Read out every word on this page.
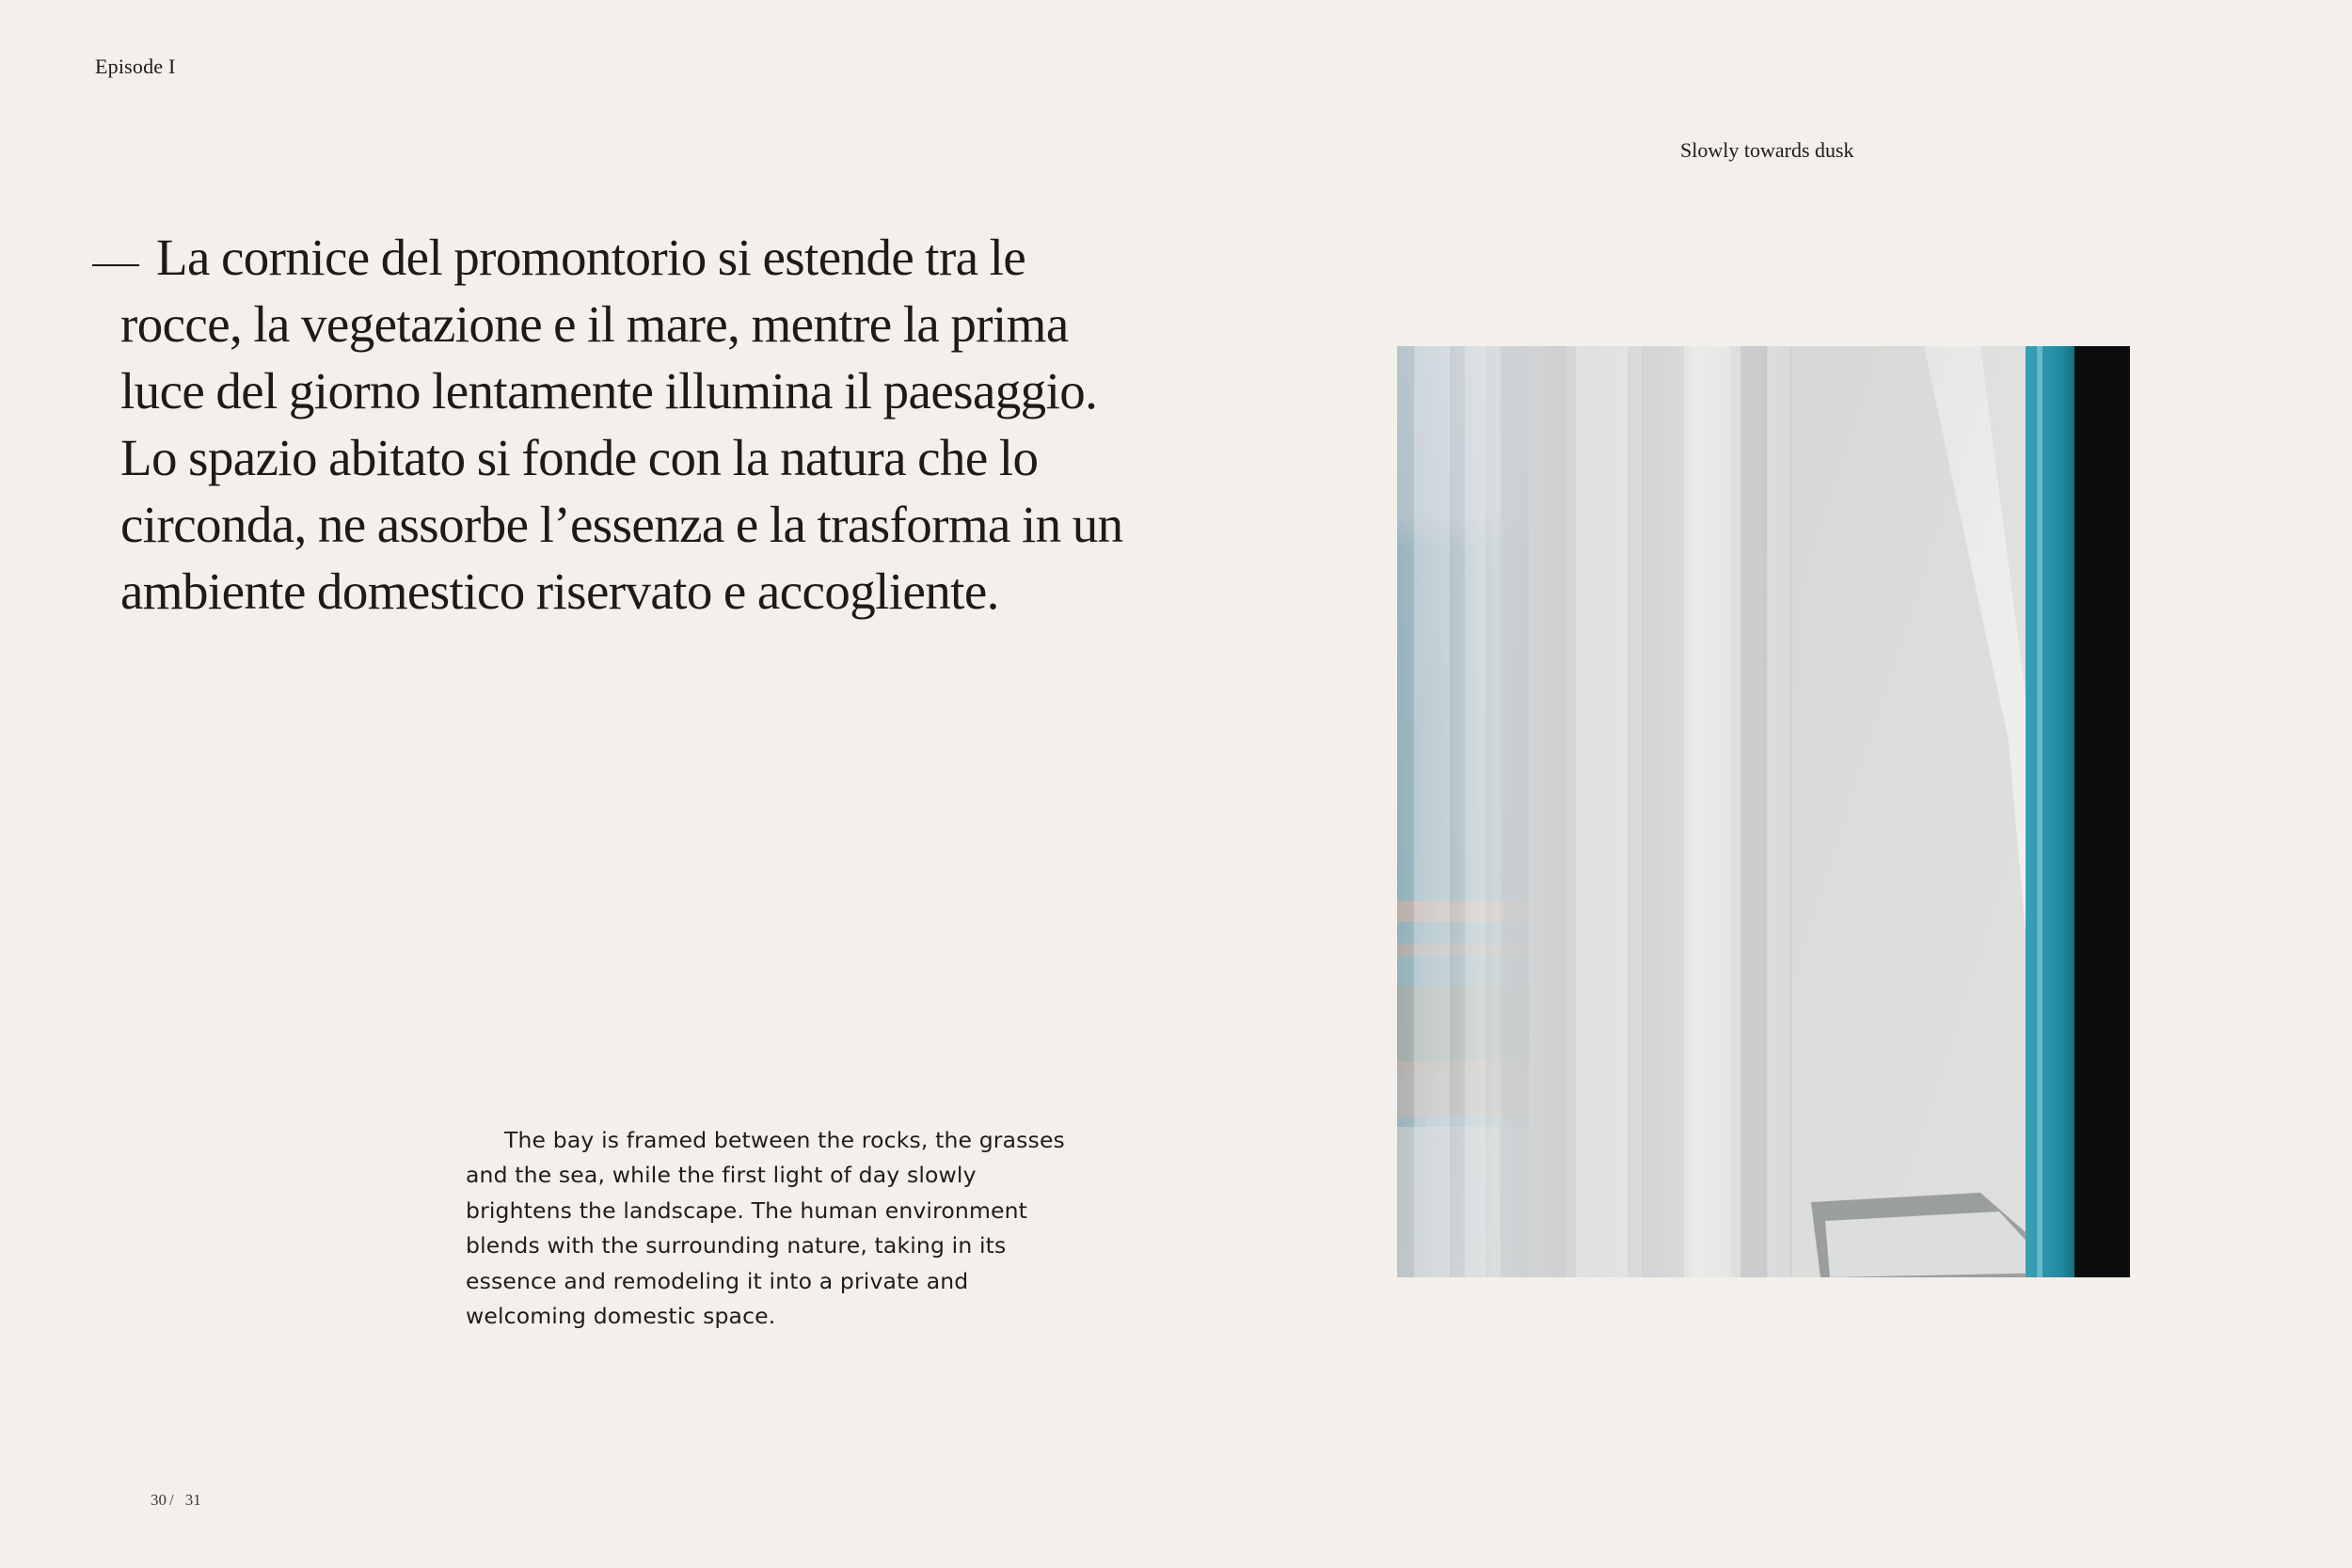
Episode I
Slowly towards dusk
La cornice del promontorio si estende tra le
rocce, la vegetazione e il mare, mentre la prima
luce del giorno lentamente illumina il paesaggio.
Lo spazio abitato si fonde con la natura che lo
circonda, ne assorbe l’essenza e la trasforma in un
ambiente domestico riservato e accogliente.

The bay is framed between the rocks, the grasses and the sea, while the first light of day slowly brightens the landscape. The human environment blends with the surrounding nature, taking in its essence and remodeling it into a private and welcoming domestic space.

30 / 31
